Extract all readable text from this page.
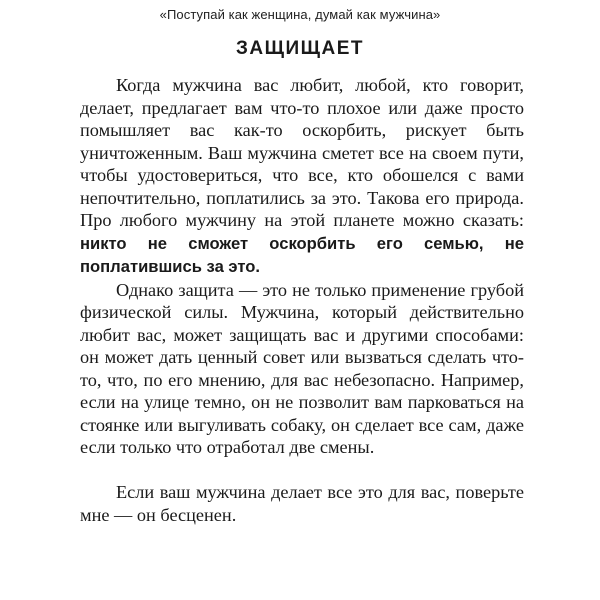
«Поступай как женщина, думай как мужчина»
ЗАЩИЩАЕТ

Когда мужчина вас любит, любой, кто говорит, делает, предлагает вам что-то плохое или даже просто помышляет вас как-то оскорбить, рискует быть уничтоженным. Ваш мужчина сметет все на своем пути, чтобы удостовериться, что все, кто обошелся с вами непочтительно, поплатились за это. Такова его природа. Про любого мужчину на этой планете можно сказать: никто не сможет оскорбить его семью, не поплатившись за это.

Однако защита — это не только применение грубой физической силы. Мужчина, который действительно любит вас, может защищать вас и другими способами: он может дать ценный совет или вызваться сделать что-то, что, по его мнению, для вас небезопасно. Например, если на улице темно, он не позволит вам парковаться на стоянке или выгуливать собаку, он сделает все сам, даже если только что отработал две смены.

Если ваш мужчина делает все это для вас, поверьте мне — он бесценен.
